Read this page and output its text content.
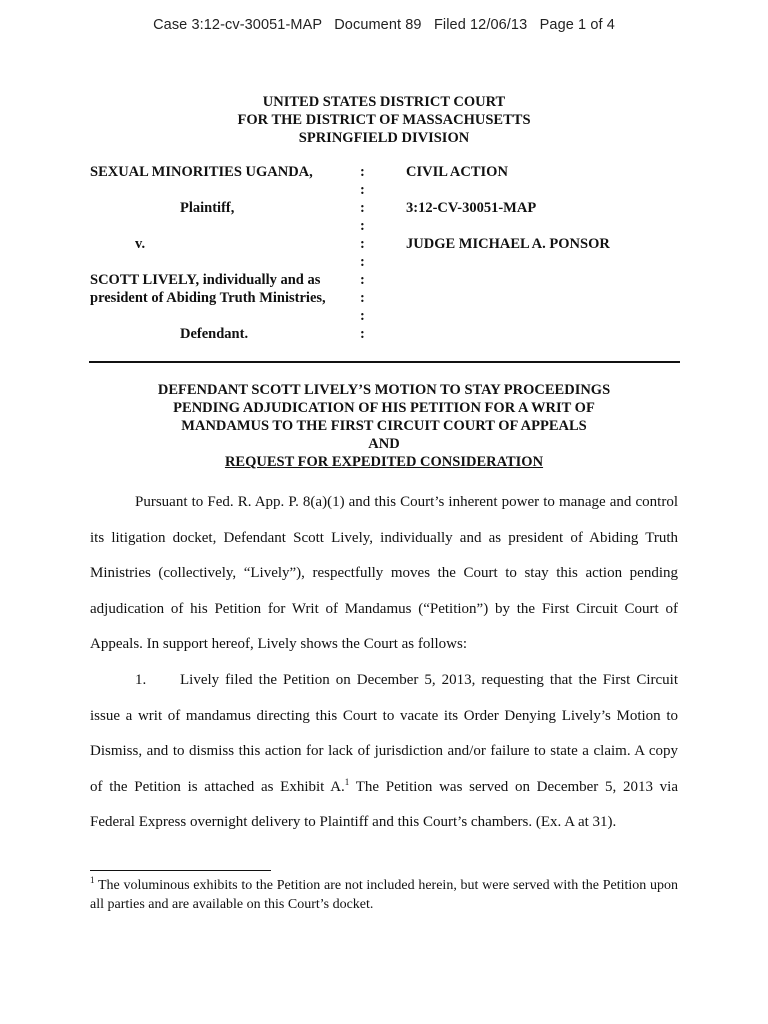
Case 3:12-cv-30051-MAP   Document 89   Filed 12/06/13   Page 1 of 4
UNITED STATES DISTRICT COURT
FOR THE DISTRICT OF MASSACHUSETTS
SPRINGFIELD DIVISION
SEXUAL MINORITIES UGANDA,
Plaintiff,
v.
SCOTT LIVELY, individually and as
president of Abiding Truth Ministries,
Defendant.
:
:
:
:
:
:
:
:
:
:
CIVIL ACTION
3:12-CV-30051-MAP
JUDGE MICHAEL A. PONSOR
DEFENDANT SCOTT LIVELY’S MOTION TO STAY PROCEEDINGS
PENDING ADJUDICATION OF HIS PETITION FOR A WRIT OF
MANDAMUS TO THE FIRST CIRCUIT COURT OF APPEALS
AND
REQUEST FOR EXPEDITED CONSIDERATION

Pursuant to Fed. R. App. P. 8(a)(1) and this Court’s inherent power to manage and control its litigation docket, Defendant Scott Lively, individually and as president of Abiding Truth Ministries (collectively, “Lively”), respectfully moves the Court to stay this action pending adjudication of his Petition for Writ of Mandamus (“Petition”) by the First Circuit Court of Appeals. In support hereof, Lively shows the Court as follows:

1. Lively filed the Petition on December 5, 2013, requesting that the First Circuit issue a writ of mandamus directing this Court to vacate its Order Denying Lively’s Motion to Dismiss, and to dismiss this action for lack of jurisdiction and/or failure to state a claim. A copy of the Petition is attached as Exhibit A.$^1$ The Petition was served on December 5, 2013 via Federal Express overnight delivery to Plaintiff and this Court’s chambers. (Ex. A at 31).

$^1$ The voluminous exhibits to the Petition are not included herein, but were served with the Petition upon all parties and are available on this Court’s docket.
